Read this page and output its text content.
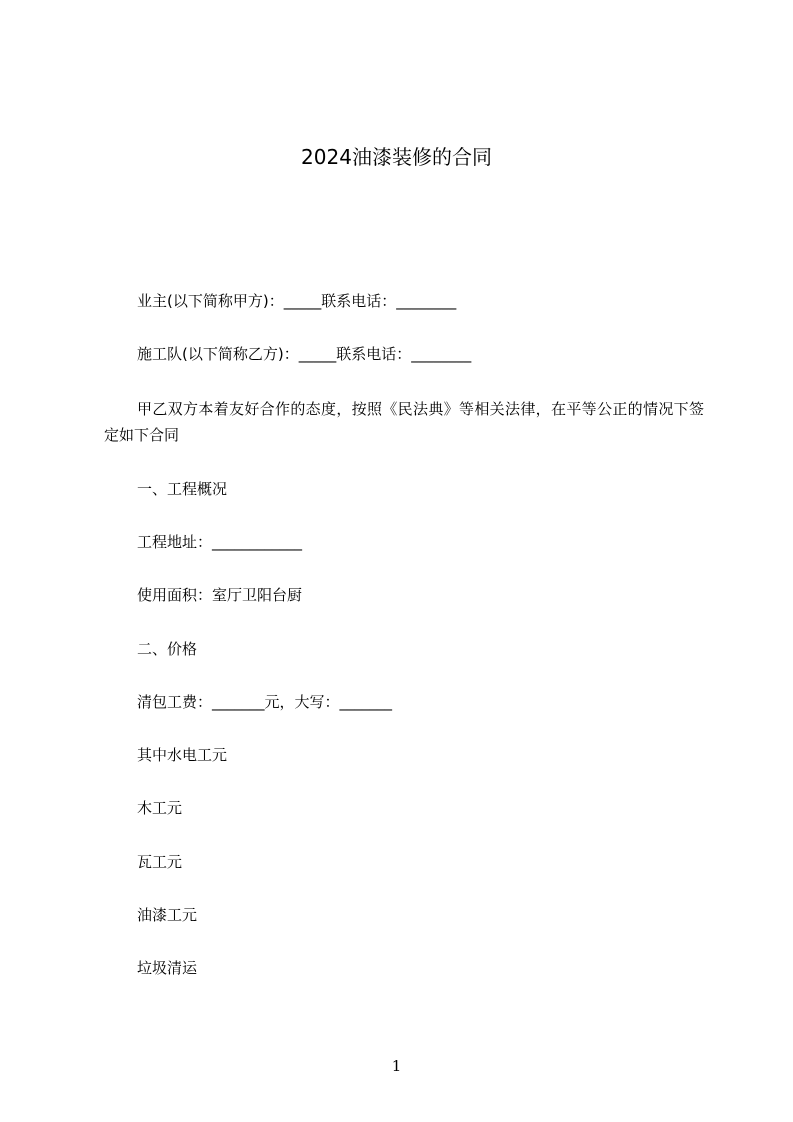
2024油漆装修的合同
业主(以下简称甲方)：_____联系电话：________
施工队(以下简称乙方)：_____联系电话：________
甲乙双方本着友好合作的态度，按照《民法典》等相关法律，在平等公正的情况下签定如下合同
一、工程概况
工程地址：____________
使用面积：室厅卫阳台厨
二、价格
清包工费：_______元，大写：_______
其中水电工元
木工元
瓦工元
油漆工元
垃圾清运
1
